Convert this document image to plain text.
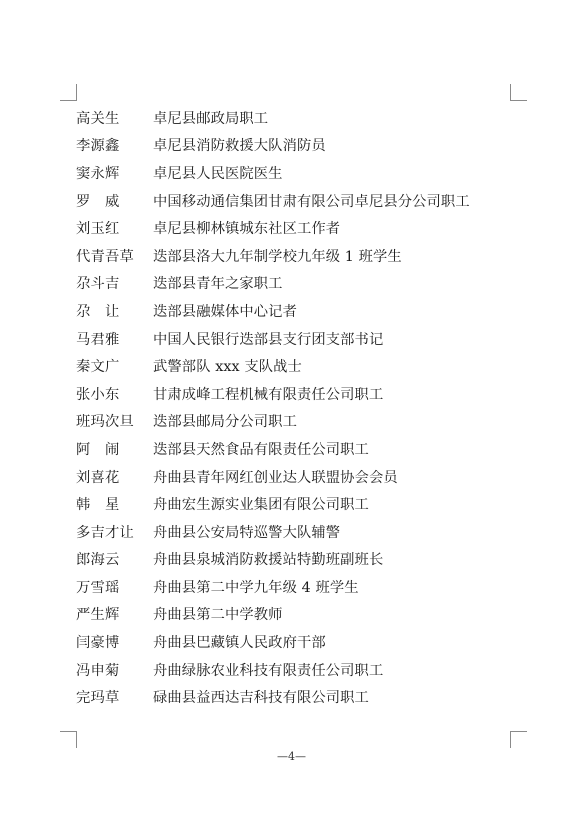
高关生	卓尼县邮政局职工
李源鑫	卓尼县消防救援大队消防员
窦永辉	卓尼县人民医院医生
罗　威	中国移动通信集团甘肃有限公司卓尼县分公司职工
刘玉红	卓尼县柳林镇城东社区工作者
代青吾草	迭部县洛大九年制学校九年级 1 班学生
尕斗吉	迭部县青年之家职工
尕　让	迭部县融媒体中心记者
马君雅	中国人民银行迭部县支行团支部书记
秦文广	武警部队 xxx 支队战士
张小东	甘肃成峰工程机械有限责任公司职工
班玛次旦	迭部县邮局分公司职工
阿　闹	迭部县天然食品有限责任公司职工
刘喜花	舟曲县青年网红创业达人联盟协会会员
韩　星	舟曲宏生源实业集团有限公司职工
多吉才让	舟曲县公安局特巡警大队辅警
郎海云	舟曲县泉城消防救援站特勤班副班长
万雪瑶	舟曲县第二中学九年级 4 班学生
严生辉	舟曲县第二中学教师
闫豪博	舟曲县巴藏镇人民政府干部
冯申菊	舟曲绿脉农业科技有限责任公司职工
完玛草	碌曲县益西达吉科技有限公司职工
—4—
